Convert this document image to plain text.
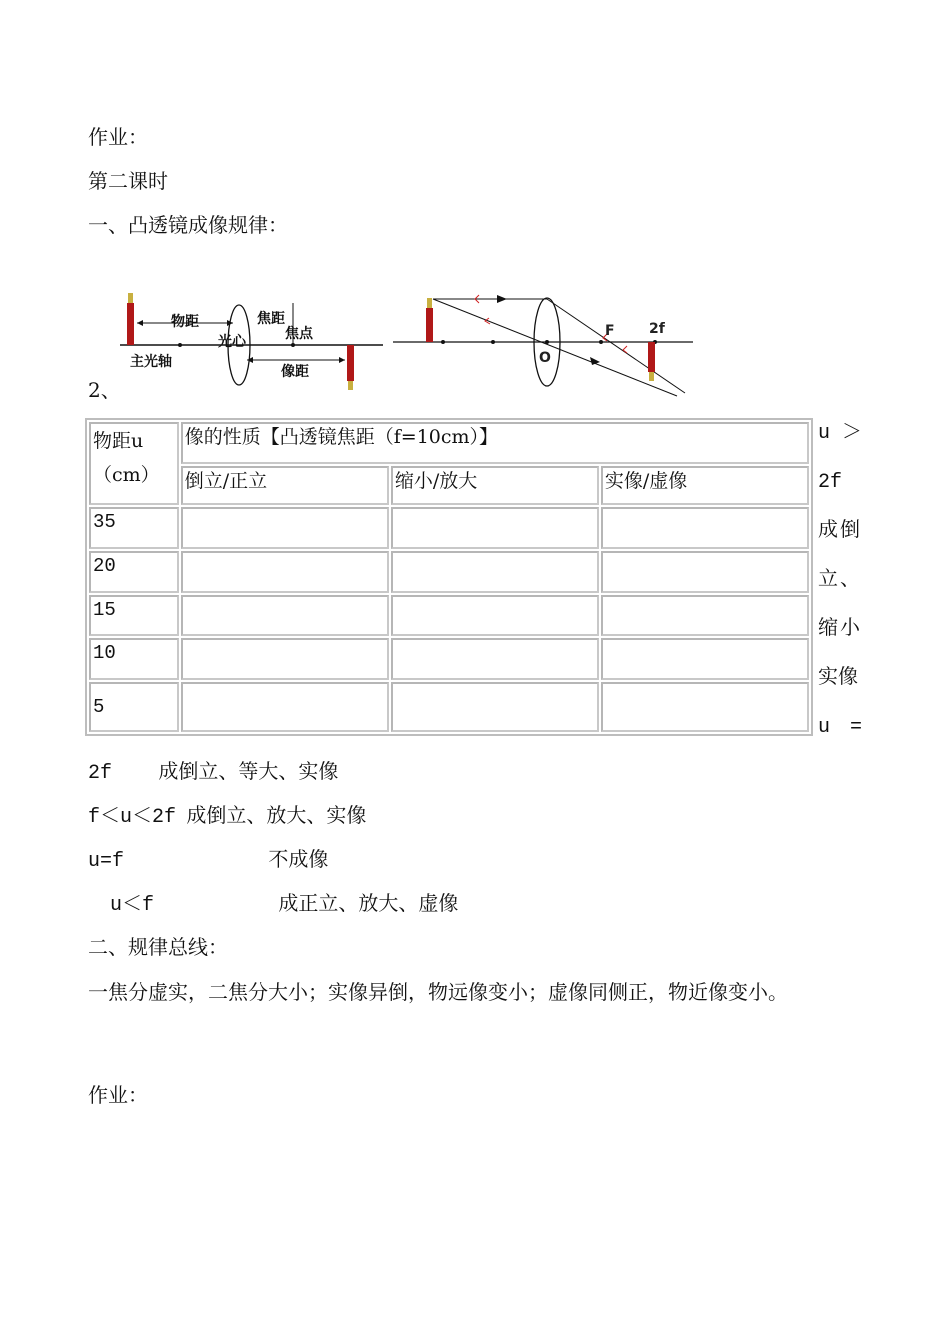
作业：
第二课时
一、凸透镜成像规律：
物距	焦距
焦点
光心
主光轴
像距
F 2f
O
2、
物距u（cm）	像的性质【凸透镜焦距（f=10cm）】		
	倒立/正立	缩小/放大	实像/虚像
35			
20			
15			
10			
5			
u ＞
2f
成倒
立、
缩小
实像
u　=
2f 成倒立、等大、实像
f＜u＜2f 成倒立、放大、实像
u=f	不成像
u＜f	成正立、放大、虚像
二、规律总线：
一焦分虚实，二焦分大小；实像异倒，物远像变小；虚像同侧正，物近像变小。
作业：
